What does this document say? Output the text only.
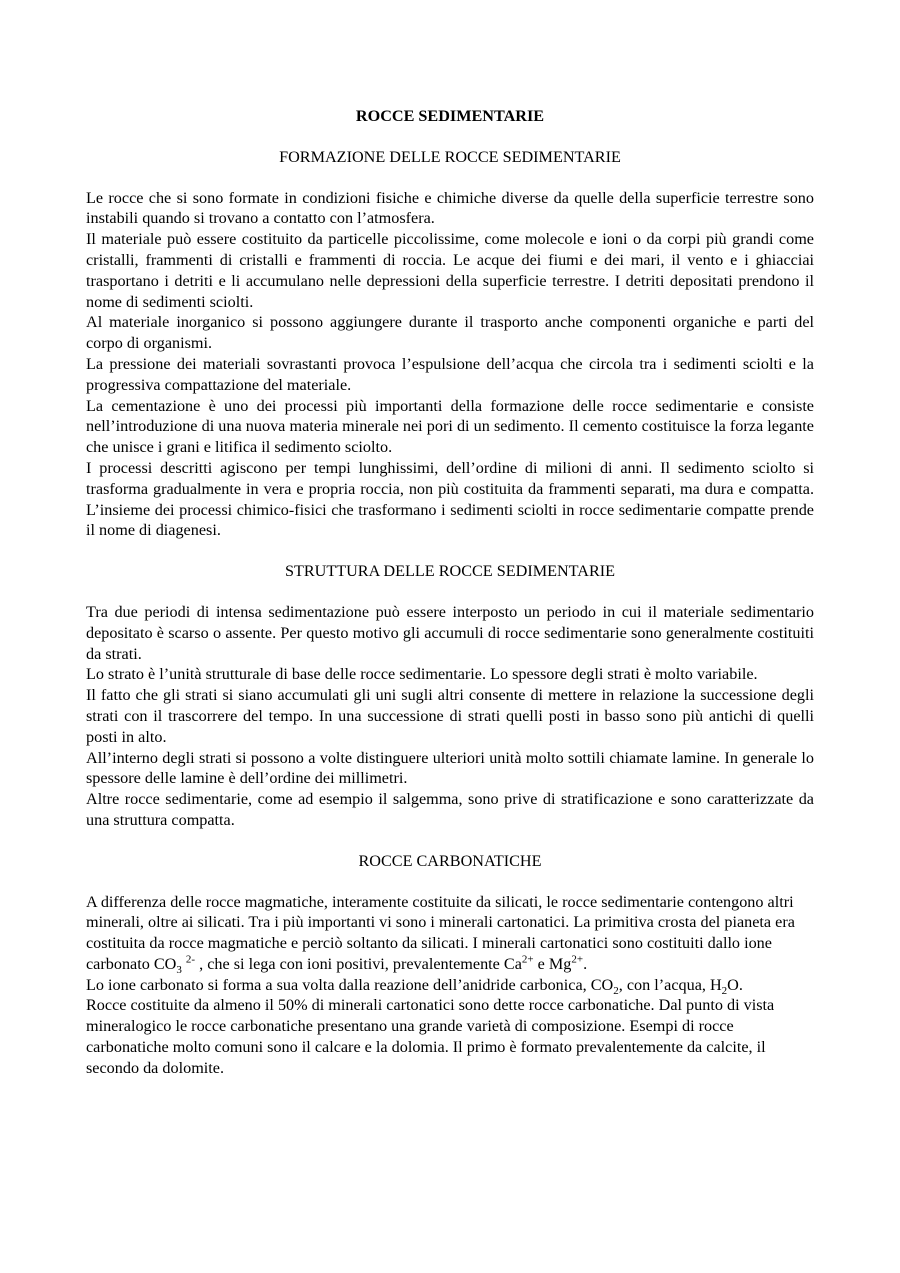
ROCCE SEDIMENTARIE
FORMAZIONE DELLE ROCCE SEDIMENTARIE

Le rocce che si sono formate in condizioni fisiche e chimiche diverse da quelle della superficie terrestre sono instabili quando si trovano a contatto con l’atmosfera.

Il materiale può essere costituito da particelle piccolissime, come molecole e ioni o da corpi più grandi come cristalli, frammenti di cristalli e frammenti di roccia. Le acque dei fiumi e dei mari, il vento e i ghiacciai trasportano i detriti e li accumulano nelle depressioni della superficie terrestre. I detriti depositati prendono il nome di sedimenti sciolti.

Al materiale inorganico si possono aggiungere durante il trasporto anche componenti organiche e parti del corpo di organismi.

La pressione dei materiali sovrastanti provoca l’espulsione dell’acqua che circola tra i sedimenti sciolti e la progressiva compattazione del materiale.

La cementazione è uno dei processi più importanti della formazione delle rocce sedimentarie e consiste nell’introduzione di una nuova materia minerale nei pori di un sedimento. Il cemento costituisce la forza legante che unisce i grani e litifica il sedimento sciolto.

I processi descritti agiscono per tempi lunghissimi, dell’ordine di milioni di anni. Il sedimento sciolto si trasforma gradualmente in vera e propria roccia, non più costituita da frammenti separati, ma dura e compatta. L’insieme dei processi chimico-fisici che trasformano i sedimenti sciolti in rocce sedimentarie compatte prende il nome di diagenesi.

STRUTTURA DELLE ROCCE SEDIMENTARIE

Tra due periodi di intensa sedimentazione può essere interposto un periodo in cui il materiale sedimentario depositato è scarso o assente. Per questo motivo gli accumuli di rocce sedimentarie sono generalmente costituiti da strati.

Lo strato è l’unità strutturale di base delle rocce sedimentarie. Lo spessore degli strati è molto variabile.

Il fatto che gli strati si siano accumulati gli uni sugli altri consente di mettere in relazione la successione degli strati con il trascorrere del tempo. In una successione di strati quelli posti in basso sono più antichi di quelli posti in alto.

All’interno degli strati si possono a volte distinguere ulteriori unità molto sottili chiamate lamine. In generale lo spessore delle lamine è dell’ordine dei millimetri.

Altre rocce sedimentarie, come ad esempio il salgemma, sono prive di stratificazione e sono caratterizzate da una struttura compatta.

ROCCE CARBONATICHE

A differenza delle rocce magmatiche, interamente costituite da silicati, le rocce sedimentarie contengono altri minerali, oltre ai silicati. Tra i più importanti vi sono i minerali cartonatici. La primitiva crosta del pianeta era costituita da rocce magmatiche e perciò soltanto da silicati. I minerali cartonatici sono costituiti dallo ione carbonato $CO_3$ $^{2-}$ , che si lega con ioni positivi, prevalentemente $Ca^{2+}$ e $Mg^{2+}$.

Lo ione carbonato si forma a sua volta dalla reazione dell’anidride carbonica, $CO_2$, con l’acqua, $H_2O$.

Rocce costituite da almeno il 50% di minerali cartonatici sono dette rocce carbonatiche. Dal punto di vista mineralogico le rocce carbonatiche presentano una grande varietà di composizione. Esempi di rocce carbonatiche molto comuni sono il calcare e la dolomia. Il primo è formato prevalentemente da calcite, il secondo da dolomite.
